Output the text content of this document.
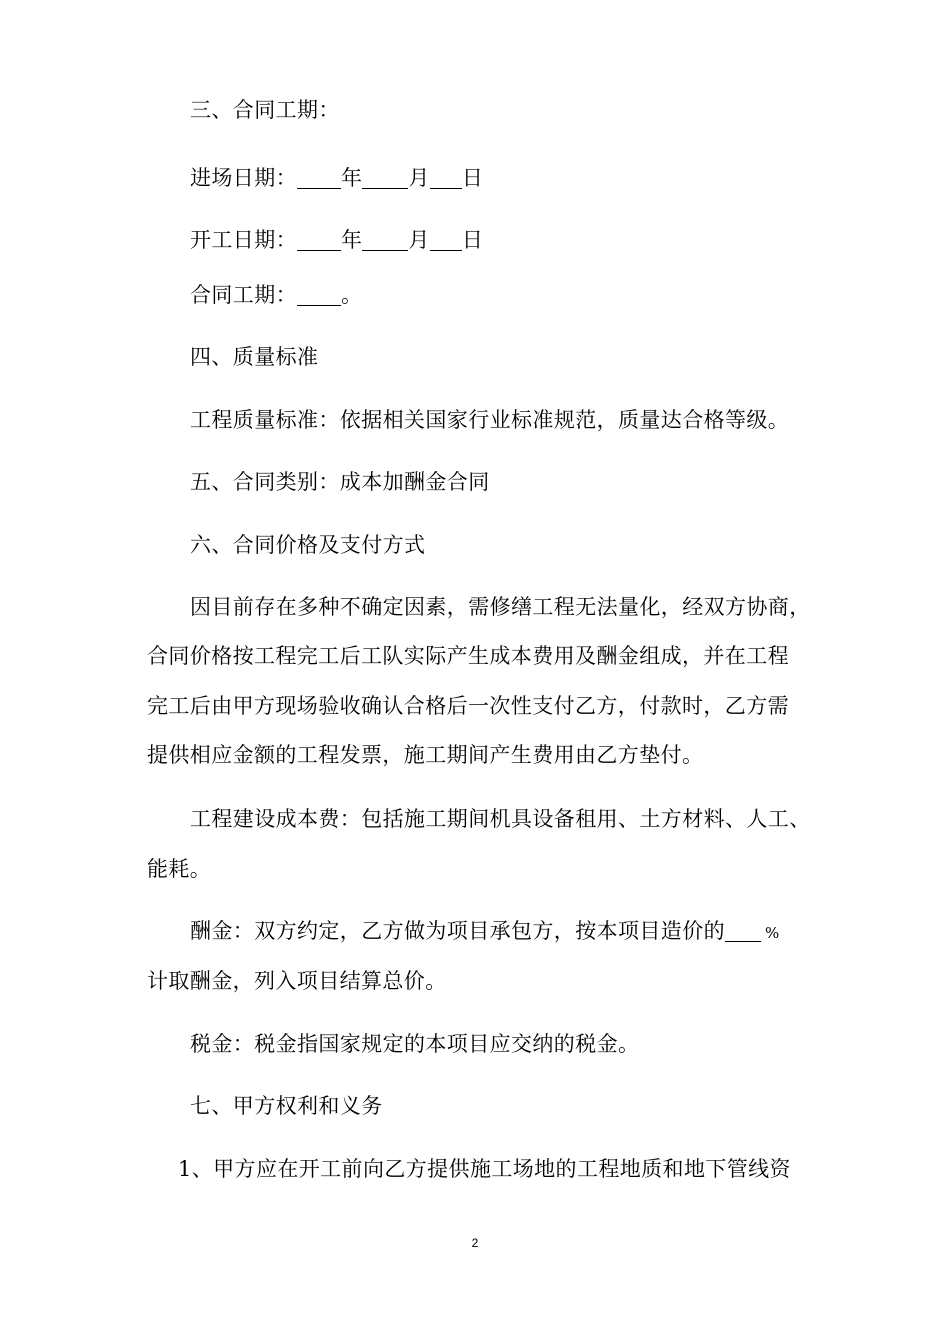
三、合同工期：
进场日期： 年 月 日
开工日期： 年 月 日
合同工期： 。
四、质量标准
工程质量标准：依据相关国家行业标准规范，质量达合格等级。
五、合同类别：成本加酬金合同
六、合同价格及支付方式
因目前存在多种不确定因素，需修缮工程无法量化，经双方协商，
合同价格按工程完工后工队实际产生成本费用及酬金组成，并在工程
完工后由甲方现场验收确认合格后一次性支付乙方，付款时，乙方需
提供相应金额的工程发票，施工期间产生费用由乙方垫付。
工程建设成本费：包括施工期间机具设备租用、土方材料、人工、
能耗。
酬金：双方约定，乙方做为项目承包方，按本项目造价的	%
计取酬金，列入项目结算总价。
税金：税金指国家规定的本项目应交纳的税金。
七、甲方权利和义务
1、甲方应在开工前向乙方提供施工场地的工程地质和地下管线资
2
